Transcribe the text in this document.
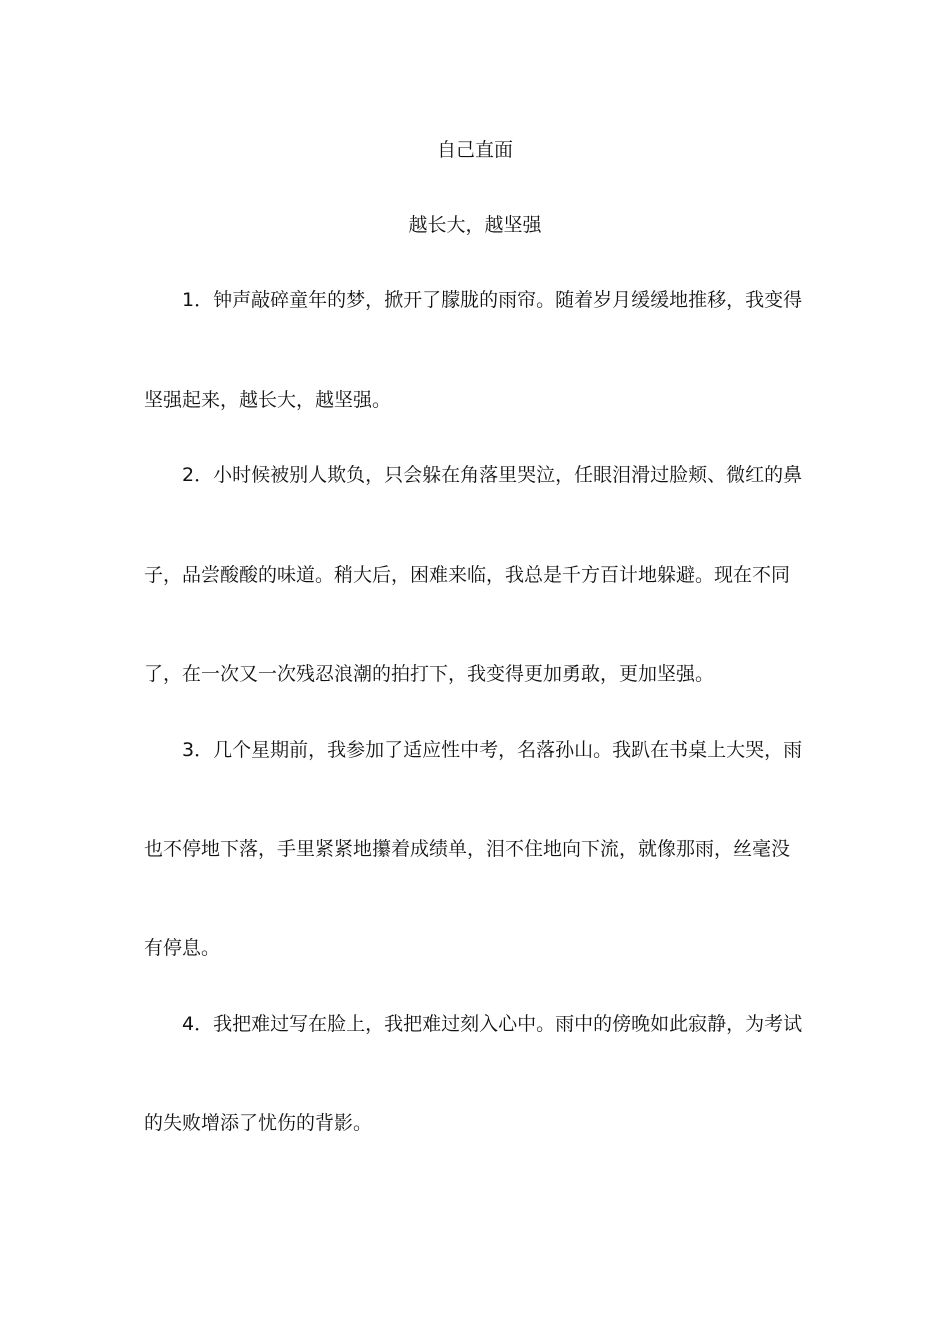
自己直面
越长大，越坚强
1．钟声敲碎童年的梦，掀开了朦胧的雨帘。随着岁月缓缓地推移，我变得
坚强起来，越长大，越坚强。
2．小时候被别人欺负，只会躲在角落里哭泣，任眼泪滑过脸颊、微红的鼻
子，品尝酸酸的味道。稍大后，困难来临，我总是千方百计地躲避。现在不同
了，在一次又一次残忍浪潮的拍打下，我变得更加勇敢，更加坚强。
3．几个星期前，我参加了适应性中考，名落孙山。我趴在书桌上大哭，雨
也不停地下落，手里紧紧地攥着成绩单，泪不住地向下流，就像那雨，丝毫没
有停息。
4．我把难过写在脸上，我把难过刻入心中。雨中的傍晚如此寂静，为考试
的失败增添了忧伤的背影。
